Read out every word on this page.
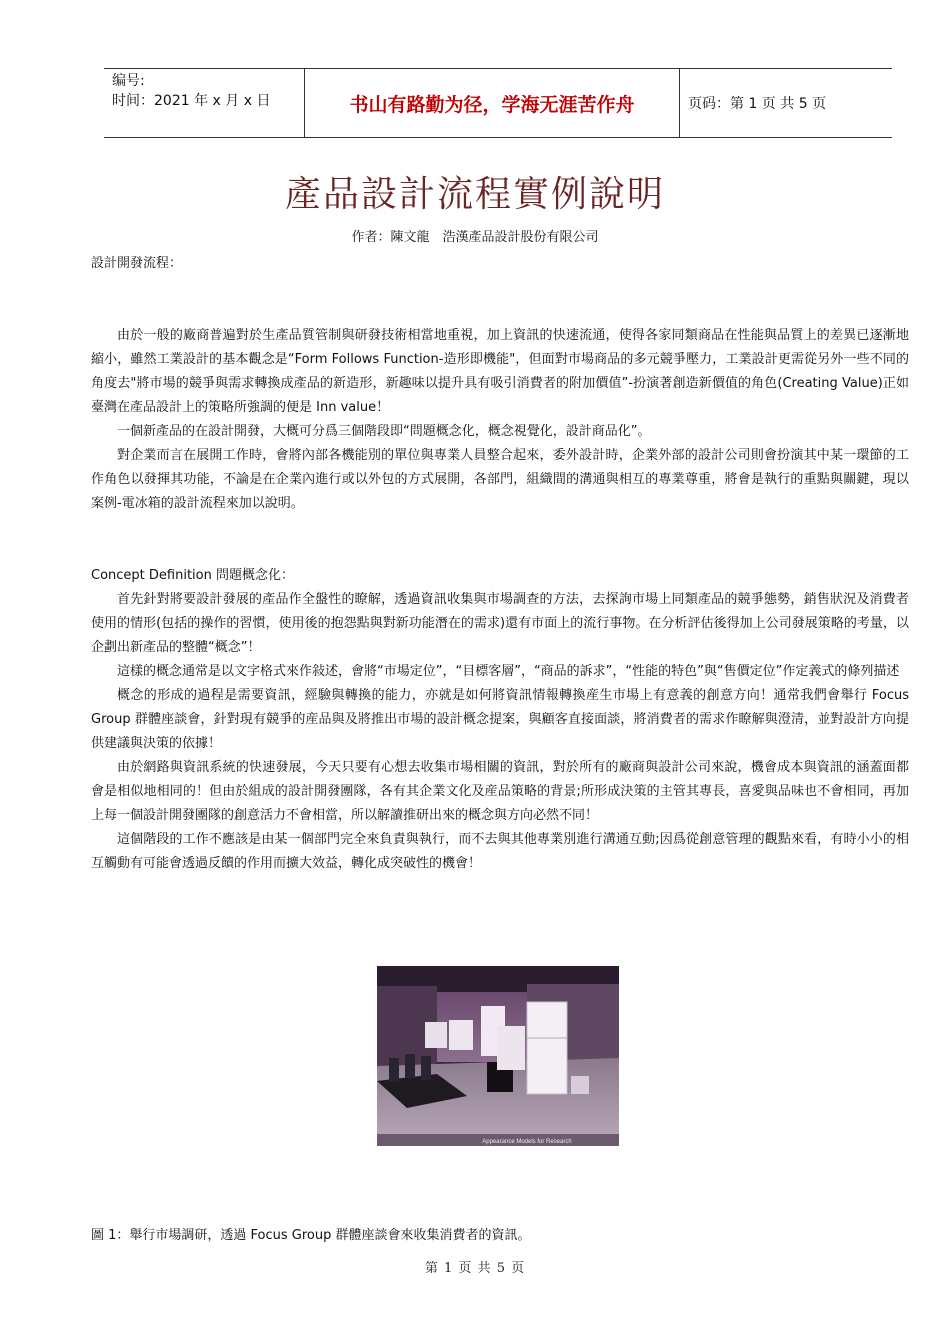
编号:
时间：2021 年 x 月 x 日	书山有路勤为径，学海无涯苦作舟	页码：第 1 页 共 5 页
產品設計流程實例說明
作者：陳文龍　浩漢產品設計股份有限公司

設計開發流程：

由於一般的廠商普遍對於生產品質管制與研發技術相當地重視，加上資訊的快速流通，使得各家同類商品在性能與品質上的差異已逐漸地縮小，雖然工業設計的基本觀念是“Form Follows Function-造形即機能"，但面對市場商品的多元競爭壓力，工業設計更需從另外一些不同的角度去"將市場的競爭與需求轉換成產品的新造形，新趣味以提升具有吸引消費者的附加價值”-扮演著創造新價值的角色(Creating Value)正如臺灣在產品設計上的策略所強調的便是 Inn value！

一個新產品的在設計開發，大概可分爲三個階段即“問題概念化，概念視覺化，設計商品化”。

對企業而言在展開工作時，會將內部各機能別的單位與專業人員整合起來，委外設計時，企業外部的設計公司則會扮演其中某一環節的工作角色以發揮其功能，不論是在企業內進行或以外包的方式展開，各部門，組織間的溝通與相互的專業尊重，將會是執行的重點與關鍵，現以案例-電冰箱的設計流程來加以說明。

Concept Definition 問題概念化：

首先針對將要設計發展的產品作全盤性的瞭解，透過資訊收集與市場調查的方法，去探詢市場上同類產品的競爭態勢，銷售狀況及消費者使用的情形(包括的操作的習慣，使用後的抱怨點與對新功能潛在的需求)還有市面上的流行事物。在分析評估後得加上公司發展策略的考量，以企劃出新產品的整體“概念”！

這樣的概念通常是以文字格式來作敍述，會將“市場定位”，“目標客層”，“商品的訴求”，“性能的特色”與“售價定位”作定義式的條列描述

概念的形成的過程是需要資訊，經驗與轉換的能力，亦就是如何將資訊情報轉換産生市場上有意義的創意方向！通常我們會舉行 Focus Group 群體座談會，針對現有競爭的産品與及將推出市場的設計概念提案，與顧客直接面談，將消費者的需求作瞭解與澄清，並對設計方向提供建議與決策的依據！

由於網路與資訊系統的快速發展，今天只要有心想去收集市場相關的資訊，對於所有的廠商與設計公司來說，機會成本與資訊的涵蓋面都會是相似地相同的！但由於組成的設計開發團隊，各有其企業文化及産品策略的背景;所形成決策的主管其專長，喜愛與品味也不會相同，再加上每一個設計開發團隊的創意活力不會相當，所以解讀推研出來的概念與方向必然不同！

這個階段的工作不應該是由某一個部門完全來負責與執行，而不去與其他專業別進行溝通互動;因爲從創意管理的觀點來看，有時小小的相互觸動有可能會透過反饋的作用而擴大效益，轉化成突破性的機會！

Appearance Models for Research
圖 1：舉行市場調研，透過 Focus Group 群體座談會來收集消費者的資訊。
第 1 页 共 5 页
